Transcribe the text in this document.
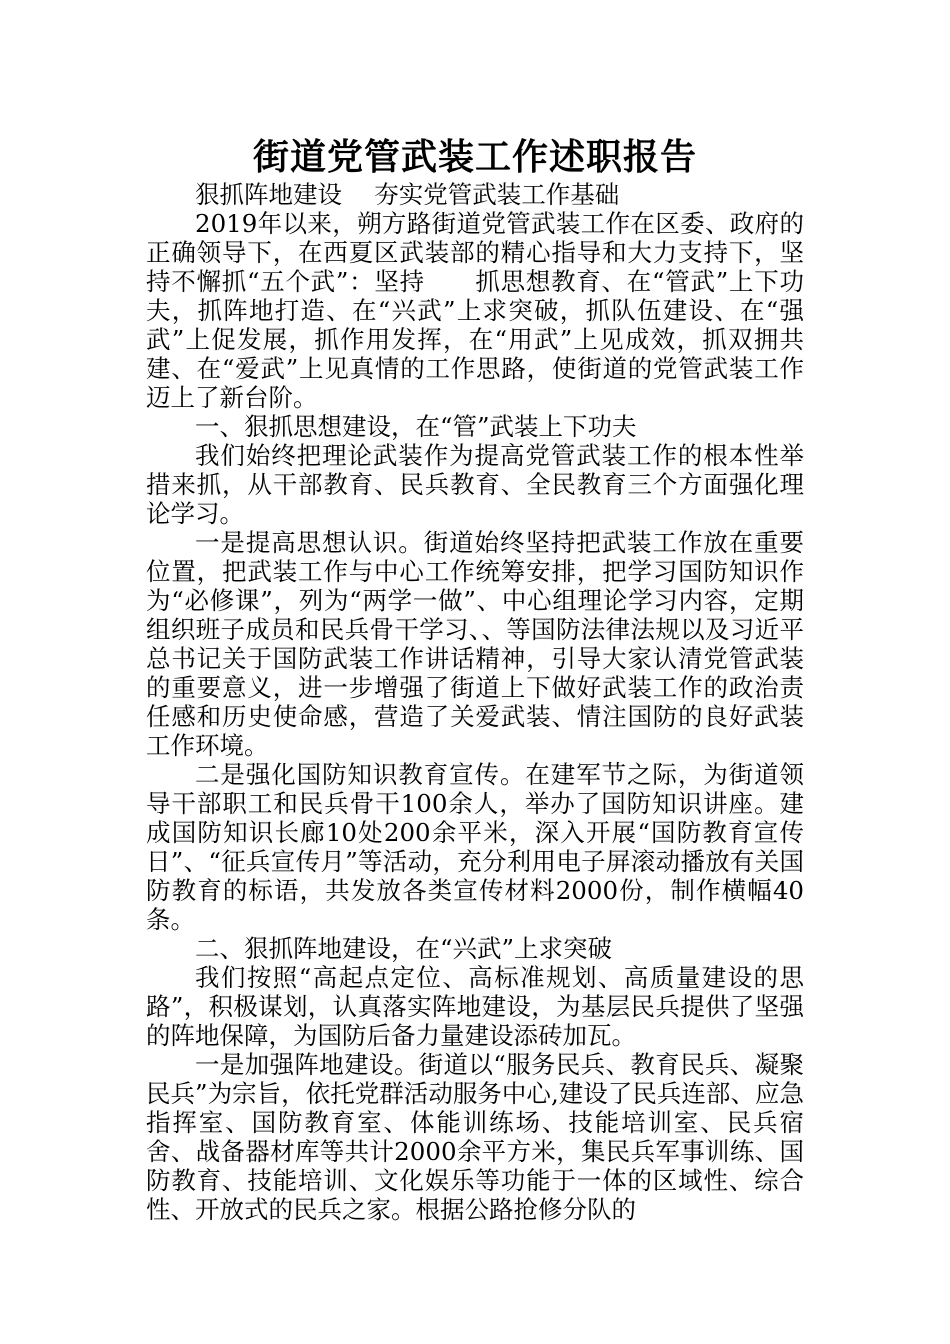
街道党管武装工作述职报告

狠抓阵地建设　 夯实党管武装工作基础

2019年以来，朔方路街道党管武装工作在区委、政府的正确领导下，在西夏区武装部的精心指导和大力支持下，坚持不懈抓“五个武”：坚持　　抓思想教育、在“管武”上下功夫，抓阵地打造、在“兴武”上求突破，抓队伍建设、在“强武”上促发展，抓作用发挥，在“用武”上见成效，抓双拥共建、在“爱武”上见真情的工作思路，使街道的党管武装工作迈上了新台阶。

一、狠抓思想建设，在“管”武装上下功夫

我们始终把理论武装作为提高党管武装工作的根本性举措来抓，从干部教育、民兵教育、全民教育三个方面强化理论学习。

一是提高思想认识。街道始终坚持把武装工作放在重要位置，把武装工作与中心工作统筹安排，把学习国防知识作为“必修课”，列为“两学一做”、中心组理论学习内容，定期组织班子成员和民兵骨干学习、、等国防法律法规以及习近平总书记关于国防武装工作讲话精神，引导大家认清党管武装的重要意义，进一步增强了街道上下做好武装工作的政治责任感和历史使命感，营造了关爱武装、情注国防的良好武装工作环境。

二是强化国防知识教育宣传。在建军节之际，为街道领导干部职工和民兵骨干100余人，举办了国防知识讲座。建成国防知识长廊10处200余平米，深入开展“国防教育宣传日”、“征兵宣传月”等活动，充分利用电子屏滚动播放有关国防教育的标语，共发放各类宣传材料2000份，制作横幅40条。

二、狠抓阵地建设，在“兴武”上求突破

我们按照“高起点定位、高标准规划、高质量建设的思路”，积极谋划，认真落实阵地建设，为基层民兵提供了坚强的阵地保障，为国防后备力量建设添砖加瓦。

一是加强阵地建设。街道以“服务民兵、教育民兵、凝聚民兵”为宗旨，依托党群活动服务中心,建设了民兵连部、应急指挥室、国防教育室、体能训练场、技能培训室、民兵宿舍、战备器材库等共计2000余平方米，集民兵军事训练、国防教育、技能培训、文化娱乐等功能于一体的区域性、综合性、开放式的民兵之家。根据公路抢修分队的
